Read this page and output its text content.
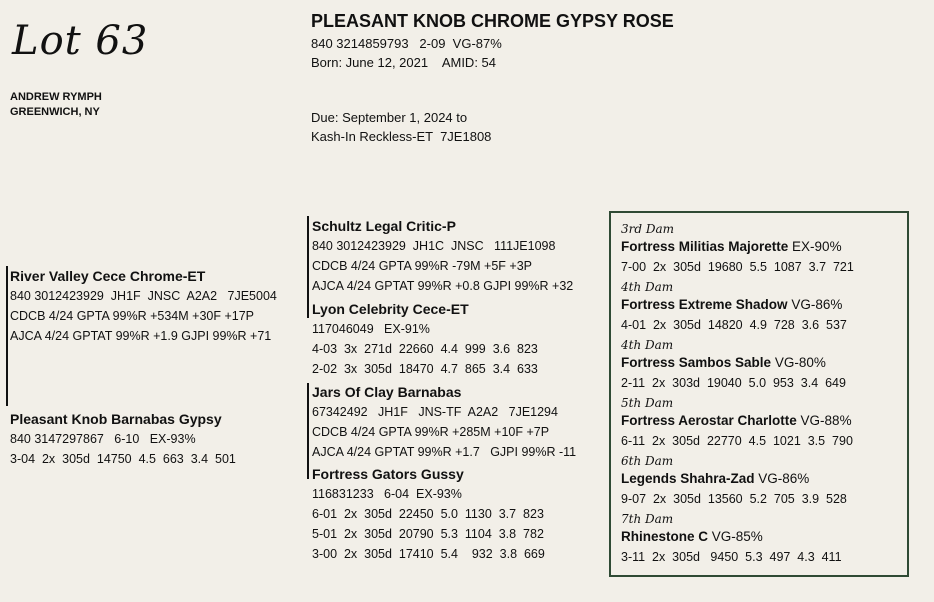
Lot 63
ANDREW RYMPH
GREENWICH, NY
PLEASANT KNOB CHROME GYPSY ROSE
840 3214859793   2-09  VG-87%
Born: June 12, 2021    AMID: 54
Due: September 1, 2024 to
Kash-In Reckless-ET  7JE1808
River Valley Cece Chrome-ET
840 3012423929  JH1F  JNSC  A2A2   7JE5004
CDCB 4/24 GPTA 99%R +534M +30F +17P
AJCA 4/24 GPTAT 99%R +1.9 GJPI 99%R +71
Pleasant Knob Barnabas Gypsy
840 3147297867   6-10   EX-93%
3-04  2x  305d  14750  4.5  663  3.4  501
Schultz Legal Critic-P
840 3012423929  JH1C  JNSC   111JE1098
CDCB 4/24 GPTA 99%R -79M +5F +3P
AJCA 4/24 GPTAT 99%R +0.8 GJPI 99%R +32
Lyon Celebrity Cece-ET
117046049   EX-91%
4-03  3x  271d  22660  4.4  999  3.6  823
2-02  3x  305d  18470  4.7  865  3.4  633
Jars Of Clay Barnabas
67342492   JH1F   JNS-TF  A2A2   7JE1294
CDCB 4/24 GPTA 99%R +285M +10F +7P
AJCA 4/24 GPTAT 99%R +1.7   GJPI 99%R -11
Fortress Gators Gussy
116831233   6-04  EX-93%
6-01  2x  305d  22450  5.0  1130  3.7  823
5-01  2x  305d  20790  5.3  1104  3.8  782
3-00  2x  305d  17410  5.4    932  3.8  669
3rd Dam
Fortress Militias Majorette EX-90%
7-00  2x  305d  19680  5.5  1087  3.7  721
4th Dam
Fortress Extreme Shadow VG-86%
4-01  2x  305d  14820  4.9  728  3.6  537
4th Dam
Fortress Sambos Sable VG-80%
2-11  2x  303d  19040  5.0  953  3.4  649
5th Dam
Fortress Aerostar Charlotte VG-88%
6-11  2x  305d  22770  4.5  1021  3.5  790
6th Dam
Legends Shahra-Zad VG-86%
9-07  2x  305d  13560  5.2  705  3.9  528
7th Dam
Rhinestone C VG-85%
3-11  2x  305d   9450  5.3  497  4.3  411
